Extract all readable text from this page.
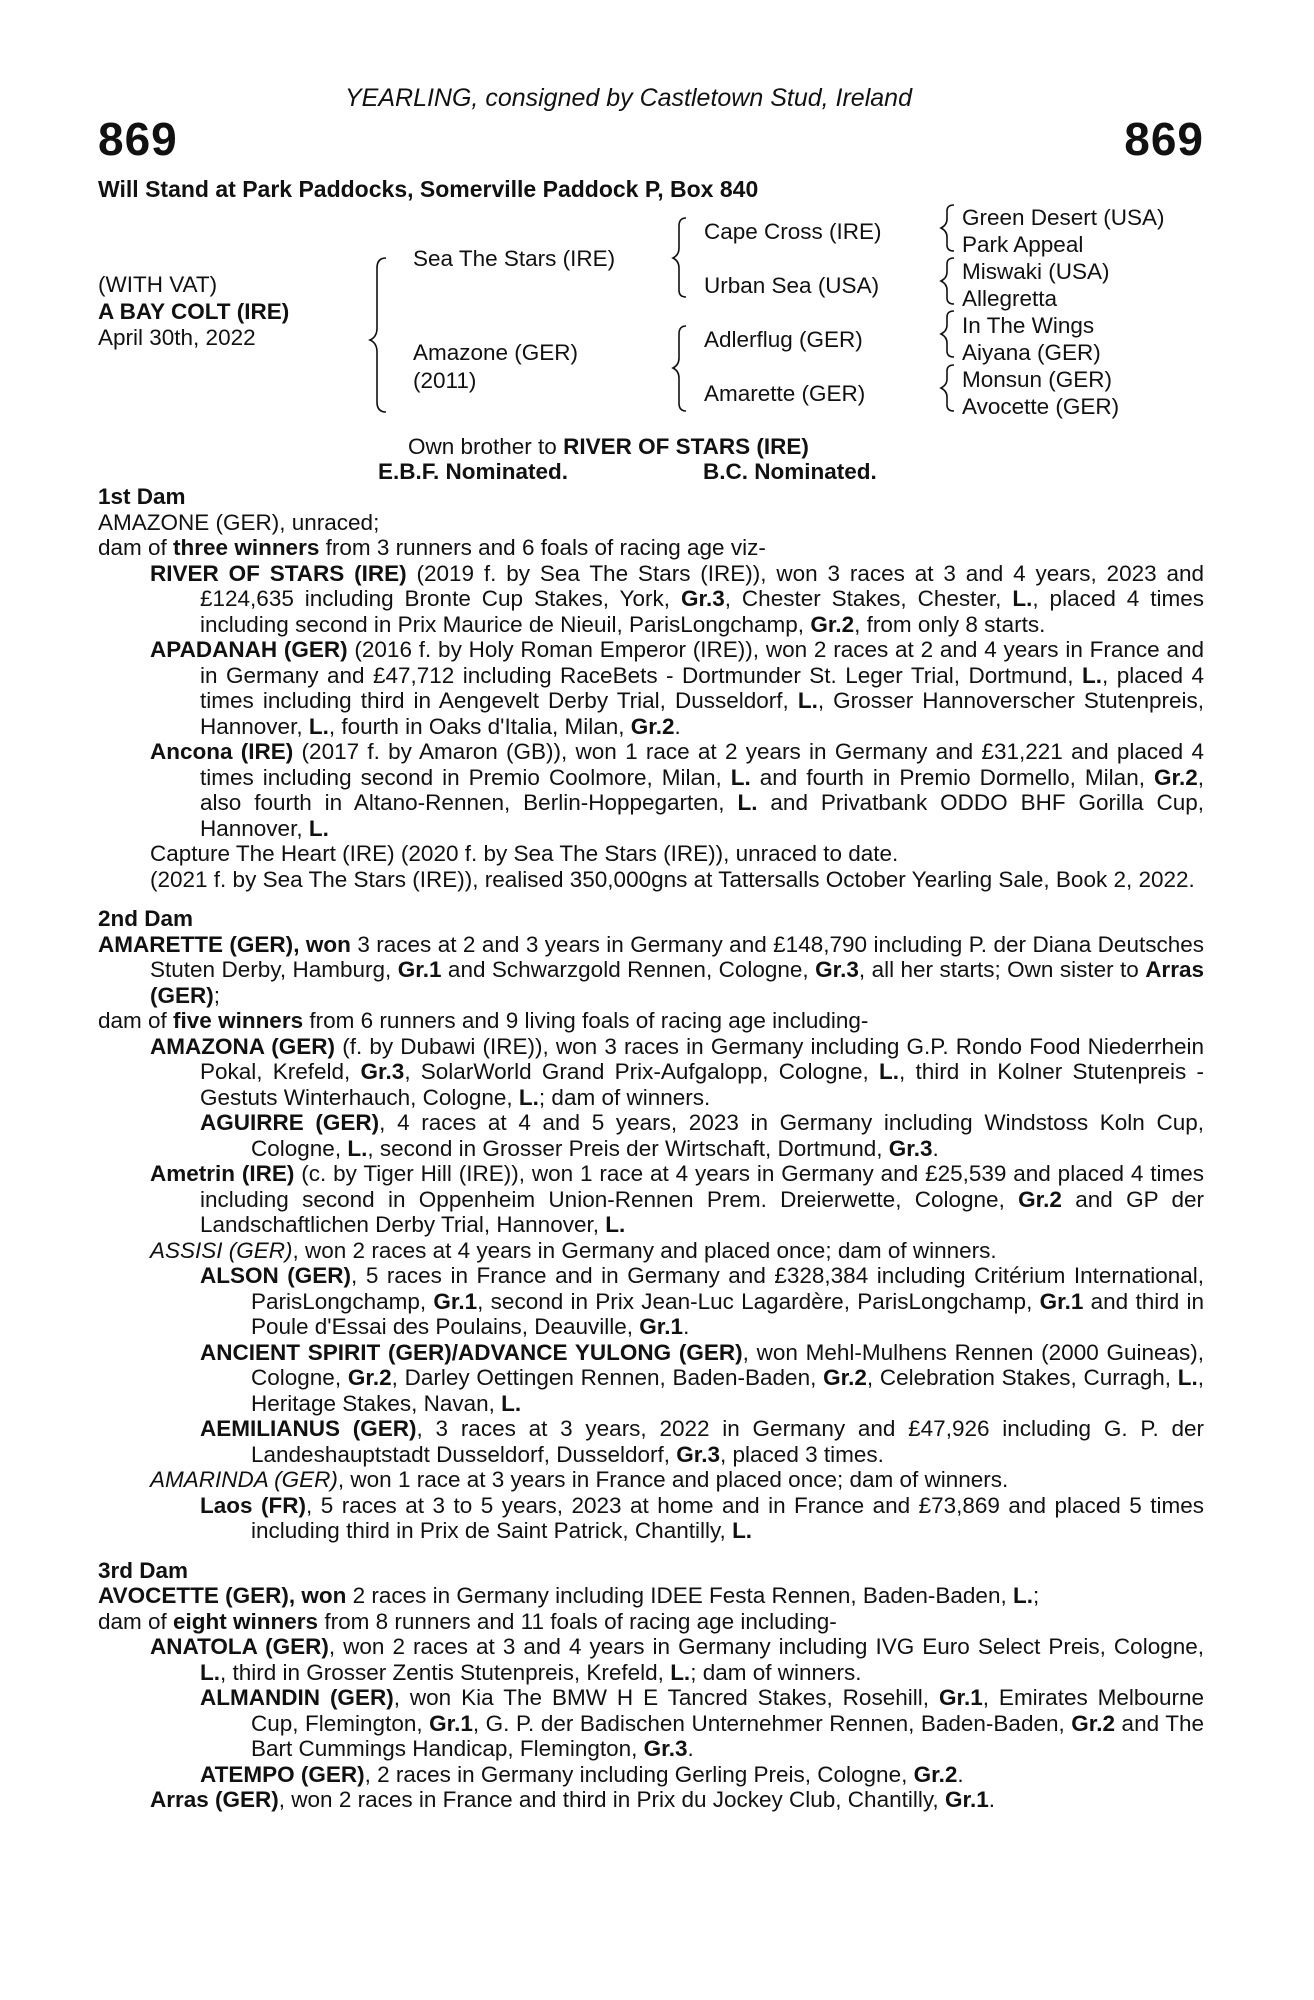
YEARLING, consigned by Castletown Stud, Ireland
869	869
Will Stand at Park Paddocks, Somerville Paddock P, Box 840
(WITH VAT)
A BAY COLT (IRE)
April 30th, 2022
Sea The Stars (IRE)
Amazone (GER)
(2011)
Cape Cross (IRE)
Urban Sea (USA)
Adlerflug (GER)
Amarette (GER)
Green Desert (USA)
Park Appeal
Miswaki (USA)
Allegretta
In The Wings
Aiyana (GER)
Monsun (GER)
Avocette (GER)
Own brother to RIVER OF STARS (IRE)
E.B.F. Nominated.	B.C. Nominated.

1st Dam

AMAZONE (GER), unraced;

dam of three winners from 3 runners and 6 foals of racing age viz-

RIVER OF STARS (IRE) (2019 f. by Sea The Stars (IRE)), won 3 races at 3 and 4 years, 2023 and £124,635 including Bronte Cup Stakes, York, Gr.3, Chester Stakes, Chester, L., placed 4 times including second in Prix Maurice de Nieuil, ParisLongchamp, Gr.2, from only 8 starts.

APADANAH (GER) (2016 f. by Holy Roman Emperor (IRE)), won 2 races at 2 and 4 years in France and in Germany and £47,712 including RaceBets - Dortmunder St. Leger Trial, Dortmund, L., placed 4 times including third in Aengevelt Derby Trial, Dusseldorf, L., Grosser Hannoverscher Stutenpreis, Hannover, L., fourth in Oaks d'Italia, Milan, Gr.2.

Ancona (IRE) (2017 f. by Amaron (GB)), won 1 race at 2 years in Germany and £31,221 and placed 4 times including second in Premio Coolmore, Milan, L. and fourth in Premio Dormello, Milan, Gr.2, also fourth in Altano-Rennen, Berlin-Hoppegarten, L. and Privatbank ODDO BHF Gorilla Cup, Hannover, L.

Capture The Heart (IRE) (2020 f. by Sea The Stars (IRE)), unraced to date.

(2021 f. by Sea The Stars (IRE)), realised 350,000gns at Tattersalls October Yearling Sale, Book 2, 2022.

2nd Dam

AMARETTE (GER), won 3 races at 2 and 3 years in Germany and £148,790 including P. der Diana Deutsches Stuten Derby, Hamburg, Gr.1 and Schwarzgold Rennen, Cologne, Gr.3, all her starts; Own sister to Arras (GER);

dam of five winners from 6 runners and 9 living foals of racing age including-

AMAZONA (GER) (f. by Dubawi (IRE)), won 3 races in Germany including G.P. Rondo Food Niederrhein Pokal, Krefeld, Gr.3, SolarWorld Grand Prix-Aufgalopp, Cologne, L., third in Kolner Stutenpreis - Gestuts Winterhauch, Cologne, L.; dam of winners.

AGUIRRE (GER), 4 races at 4 and 5 years, 2023 in Germany including Windstoss Koln Cup, Cologne, L., second in Grosser Preis der Wirtschaft, Dortmund, Gr.3.

Ametrin (IRE) (c. by Tiger Hill (IRE)), won 1 race at 4 years in Germany and £25,539 and placed 4 times including second in Oppenheim Union-Rennen Prem. Dreierwette, Cologne, Gr.2 and GP der Landschaftlichen Derby Trial, Hannover, L.

ASSISI (GER), won 2 races at 4 years in Germany and placed once; dam of winners.

ALSON (GER), 5 races in France and in Germany and £328,384 including Critérium International, ParisLongchamp, Gr.1, second in Prix Jean-Luc Lagardère, ParisLongchamp, Gr.1 and third in Poule d'Essai des Poulains, Deauville, Gr.1.

ANCIENT SPIRIT (GER)/ADVANCE YULONG (GER), won Mehl-Mulhens Rennen (2000 Guineas), Cologne, Gr.2, Darley Oettingen Rennen, Baden-Baden, Gr.2, Celebration Stakes, Curragh, L., Heritage Stakes, Navan, L.

AEMILIANUS (GER), 3 races at 3 years, 2022 in Germany and £47,926 including G. P. der Landeshauptstadt Dusseldorf, Dusseldorf, Gr.3, placed 3 times.

AMARINDA (GER), won 1 race at 3 years in France and placed once; dam of winners.

Laos (FR), 5 races at 3 to 5 years, 2023 at home and in France and £73,869 and placed 5 times including third in Prix de Saint Patrick, Chantilly, L.

3rd Dam

AVOCETTE (GER), won 2 races in Germany including IDEE Festa Rennen, Baden-Baden, L.;

dam of eight winners from 8 runners and 11 foals of racing age including-

ANATOLA (GER), won 2 races at 3 and 4 years in Germany including IVG Euro Select Preis, Cologne, L., third in Grosser Zentis Stutenpreis, Krefeld, L.; dam of winners.

ALMANDIN (GER), won Kia The BMW H E Tancred Stakes, Rosehill, Gr.1, Emirates Melbourne Cup, Flemington, Gr.1, G. P. der Badischen Unternehmer Rennen, Baden-Baden, Gr.2 and The Bart Cummings Handicap, Flemington, Gr.3.

ATEMPO (GER), 2 races in Germany including Gerling Preis, Cologne, Gr.2.

Arras (GER), won 2 races in France and third in Prix du Jockey Club, Chantilly, Gr.1.
